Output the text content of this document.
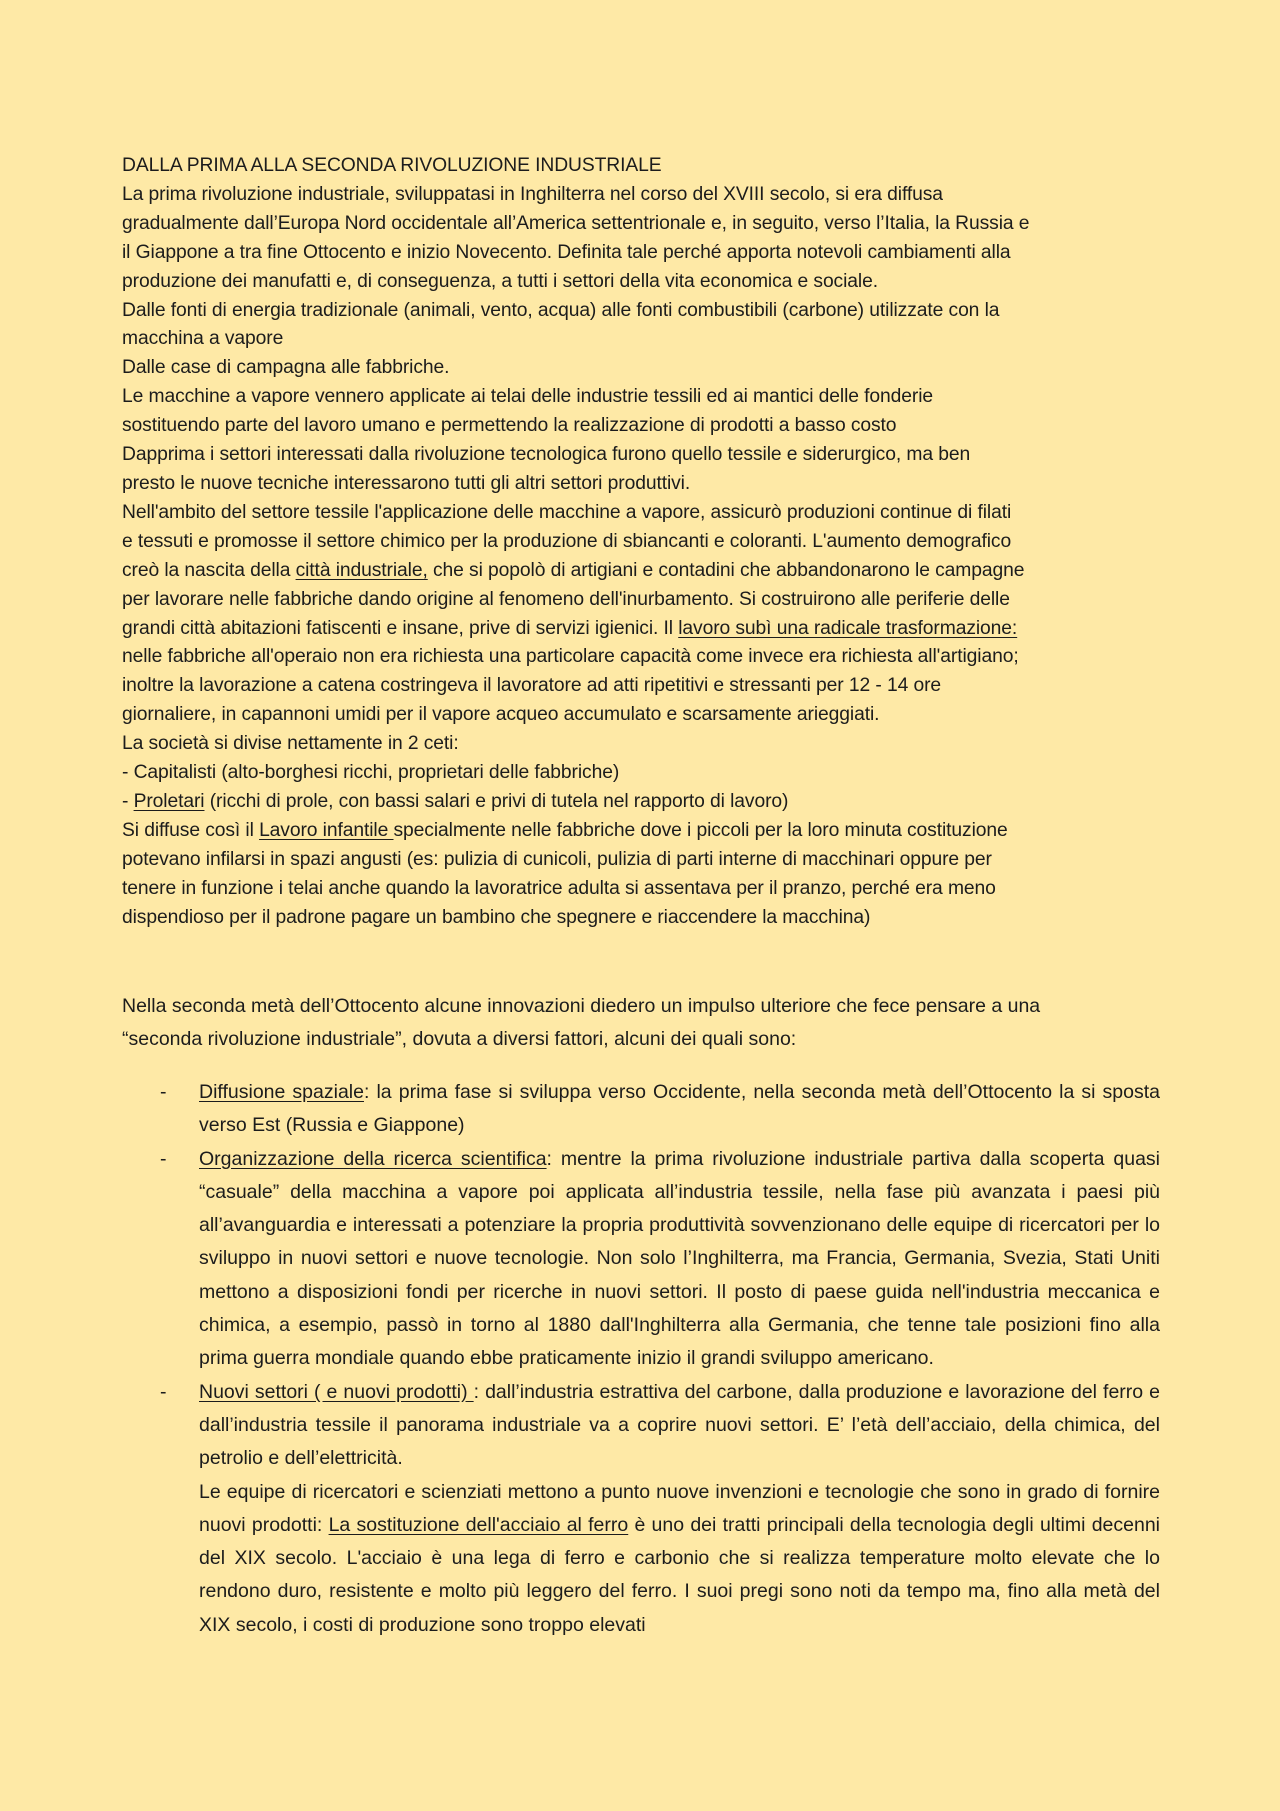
DALLA PRIMA ALLA SECONDA RIVOLUZIONE INDUSTRIALE

La prima rivoluzione industriale, sviluppatasi in Inghilterra nel corso del XVIII secolo, si era diffusa

gradualmente dall’Europa Nord occidentale all’America settentrionale e, in seguito, verso l’Italia, la Russia e

il Giappone a tra fine Ottocento e inizio Novecento. Definita tale perché apporta notevoli cambiamenti alla

produzione dei manufatti e, di conseguenza, a tutti i settori della vita economica e sociale.

Dalle fonti di energia tradizionale (animali, vento, acqua) alle fonti combustibili (carbone) utilizzate con la

macchina a vapore

Dalle case di campagna alle fabbriche.

Le macchine a vapore vennero applicate ai telai delle industrie tessili ed ai mantici delle fonderie

sostituendo parte del lavoro umano e permettendo la realizzazione di prodotti a basso costo

Dapprima i settori interessati dalla rivoluzione tecnologica furono quello tessile e siderurgico, ma ben

presto le nuove tecniche interessarono tutti gli altri settori produttivi.

Nell'ambito del settore tessile l'applicazione delle macchine a vapore, assicurò produzioni continue di filati

e tessuti e promosse il settore chimico per la produzione di sbiancanti e coloranti. L'aumento demografico

creò la nascita della città industriale, che si popolò di artigiani e contadini che abbandonarono le campagne

per lavorare nelle fabbriche dando origine al fenomeno dell'inurbamento. Si costruirono alle periferie delle

grandi città abitazioni fatiscenti e insane, prive di servizi igienici. Il lavoro subì una radicale trasformazione:

nelle fabbriche all'operaio non era richiesta una particolare capacità come invece era richiesta all'artigiano;

inoltre la lavorazione a catena costringeva il lavoratore ad atti ripetitivi e stressanti per 12 - 14 ore

giornaliere, in capannoni umidi per il vapore acqueo accumulato e scarsamente arieggiati.

La società si divise nettamente in 2 ceti:

- Capitalisti (alto-borghesi ricchi, proprietari delle fabbriche)

- Proletari (ricchi di prole, con bassi salari e privi di tutela nel rapporto di lavoro)

Si diffuse così il Lavoro infantile specialmente nelle fabbriche dove i piccoli per la loro minuta costituzione

potevano infilarsi in spazi angusti (es: pulizia di cunicoli, pulizia di parti interne di macchinari oppure per

tenere in funzione i telai anche quando la lavoratrice adulta si assentava per il pranzo, perché era meno

dispendioso per il padrone pagare un bambino che spegnere e riaccendere la macchina)

Nella seconda metà dell’Ottocento alcune innovazioni diedero un impulso ulteriore che fece pensare a una

“seconda rivoluzione industriale”, dovuta a diversi fattori, alcuni dei quali sono:

- Diffusione spaziale: la prima fase si sviluppa verso Occidente, nella seconda metà dell’Ottocento la si sposta verso Est (Russia e Giappone)

- Organizzazione della ricerca scientifica: mentre la prima rivoluzione industriale partiva dalla scoperta quasi “casuale” della macchina a vapore poi applicata all’industria tessile, nella fase più avanzata i paesi più all’avanguardia e interessati a potenziare la propria produttività sovvenzionano delle equipe di ricercatori per lo sviluppo in nuovi settori e nuove tecnologie. Non solo l’Inghilterra, ma Francia, Germania, Svezia, Stati Uniti mettono a disposizioni fondi per ricerche in nuovi settori. Il posto di paese guida nell'industria meccanica e chimica, a esempio, passò in torno al 1880 dall'Inghilterra alla Germania, che tenne tale posizioni fino alla prima guerra mondiale quando ebbe praticamente inizio il grandi sviluppo americano.

- Nuovi settori ( e nuovi prodotti) : dall’industria estrattiva del carbone, dalla produzione e lavorazione del ferro e dall’industria tessile il panorama industriale va a coprire nuovi settori. E’ l’età dell’acciaio, della chimica, del petrolio e dell’elettricità.

Le equipe di ricercatori e scienziati mettono a punto nuove invenzioni e tecnologie che sono in grado di fornire nuovi prodotti: La sostituzione dell'acciaio al ferro è uno dei tratti principali della tecnologia degli ultimi decenni del XIX secolo. L'acciaio è una lega di ferro e carbonio che si realizza temperature molto elevate che lo rendono duro, resistente e molto più leggero del ferro. I suoi pregi sono noti da tempo ma, fino alla metà del XIX secolo, i costi di produzione sono troppo elevati
